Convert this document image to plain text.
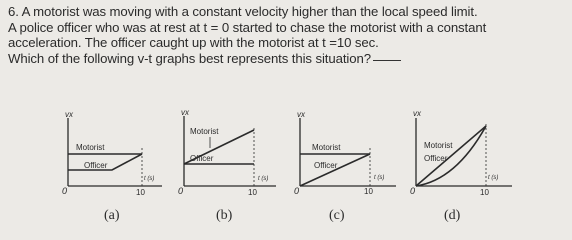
6. A motorist was moving with a constant velocity higher than the local speed limit.
A police officer who was at rest at t = 0 started to chase the motorist with a constant
acceleration. The officer caught up with the motorist at t =10 sec.
Which of the following v-t graphs best represents this situation?
vx
0
Motorist
Officer
t (s)
10
(a)
vx
0
Motorist
Officer
t (s)
10
(b)
vx
0
Motorist
Officer
t (s)
10
(c)
vx
0
Motorist
Officer
t (s)
10
(d)
